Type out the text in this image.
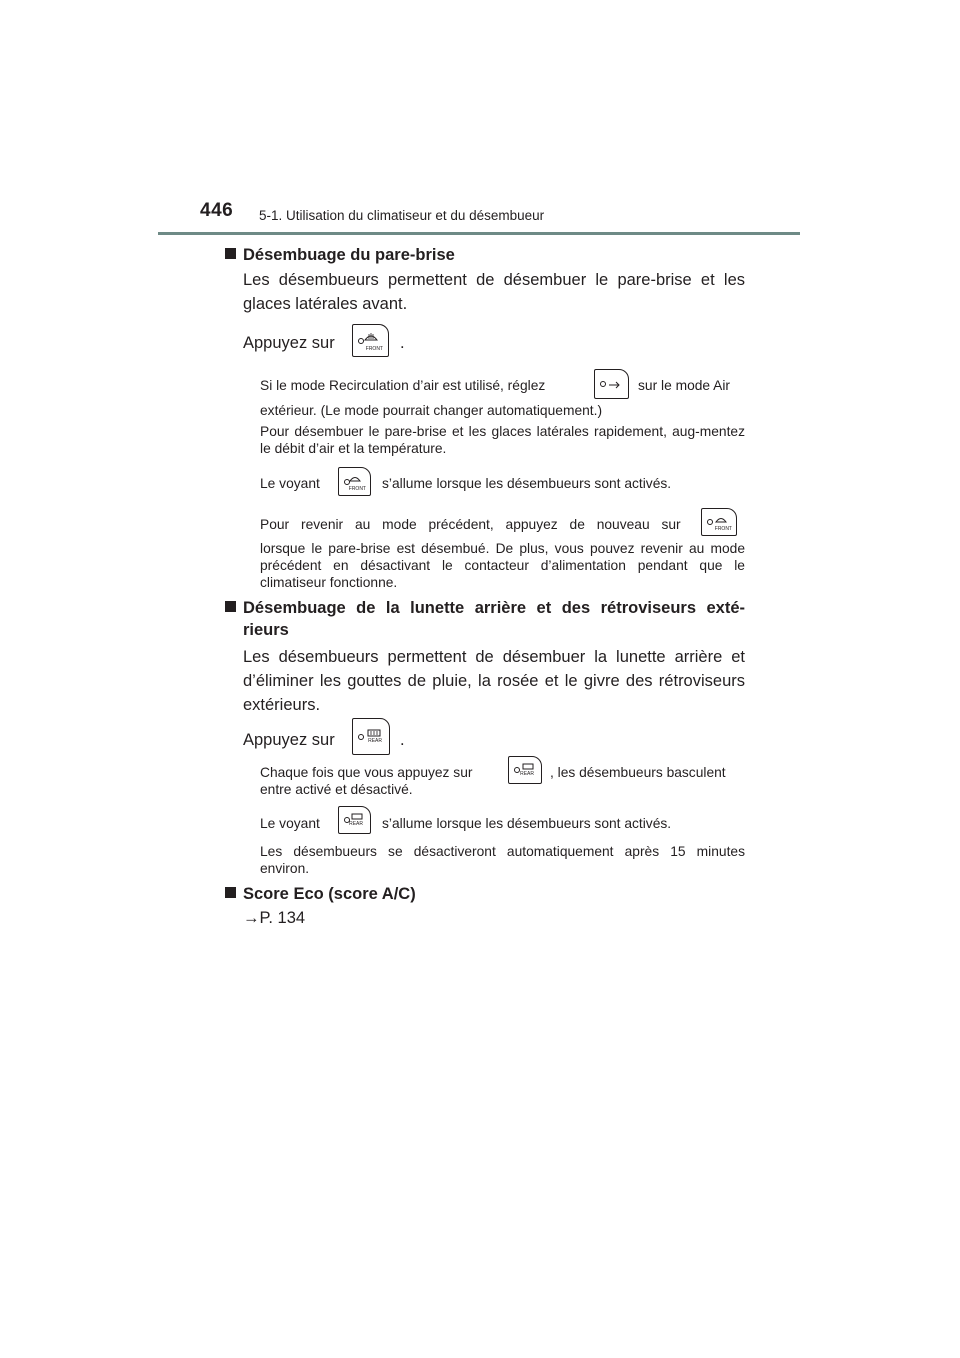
446 5-1. Utilisation du climatiseur et du désembueur
Désembuage du pare-brise
Les désembueurs permettent de désembuer le pare-brise et les glaces latérales avant.
Appuyez sur	FRONT .
Si le mode Recirculation d’air est utilisé, réglez	sur le mode Air
extérieur. (Le mode pourrait changer automatiquement.)
Pour désembuer le pare-brise et les glaces latérales rapidement, aug-mentez le débit d’air et la température.
Le voyant	FRONT s’allume lorsque les désembueurs sont activés.
Pour revenir au mode précédent, appuyez de nouveau sur	FRONT
lorsque le pare-brise est désembué. De plus, vous pouvez revenir au mode précédent en désactivant le contacteur d’alimentation pendant que le climatiseur fonctionne.
Désembuage de la lunette arrière et des rétroviseurs exté-
rieurs
Les désembueurs permettent de désembuer la lunette arrière et d’éliminer les gouttes de pluie, la rosée et le givre des rétroviseurs extérieurs.
Appuyez sur	REAR .
Chaque fois que vous appuyez sur	REAR , les désembueurs basculent
entre activé et désactivé.
Le voyant	REAR s’allume lorsque les désembueurs sont activés.
Les désembueurs se désactiveront automatiquement après 15 minutes environ.
Score Eco (score A/C)
→P. 134
